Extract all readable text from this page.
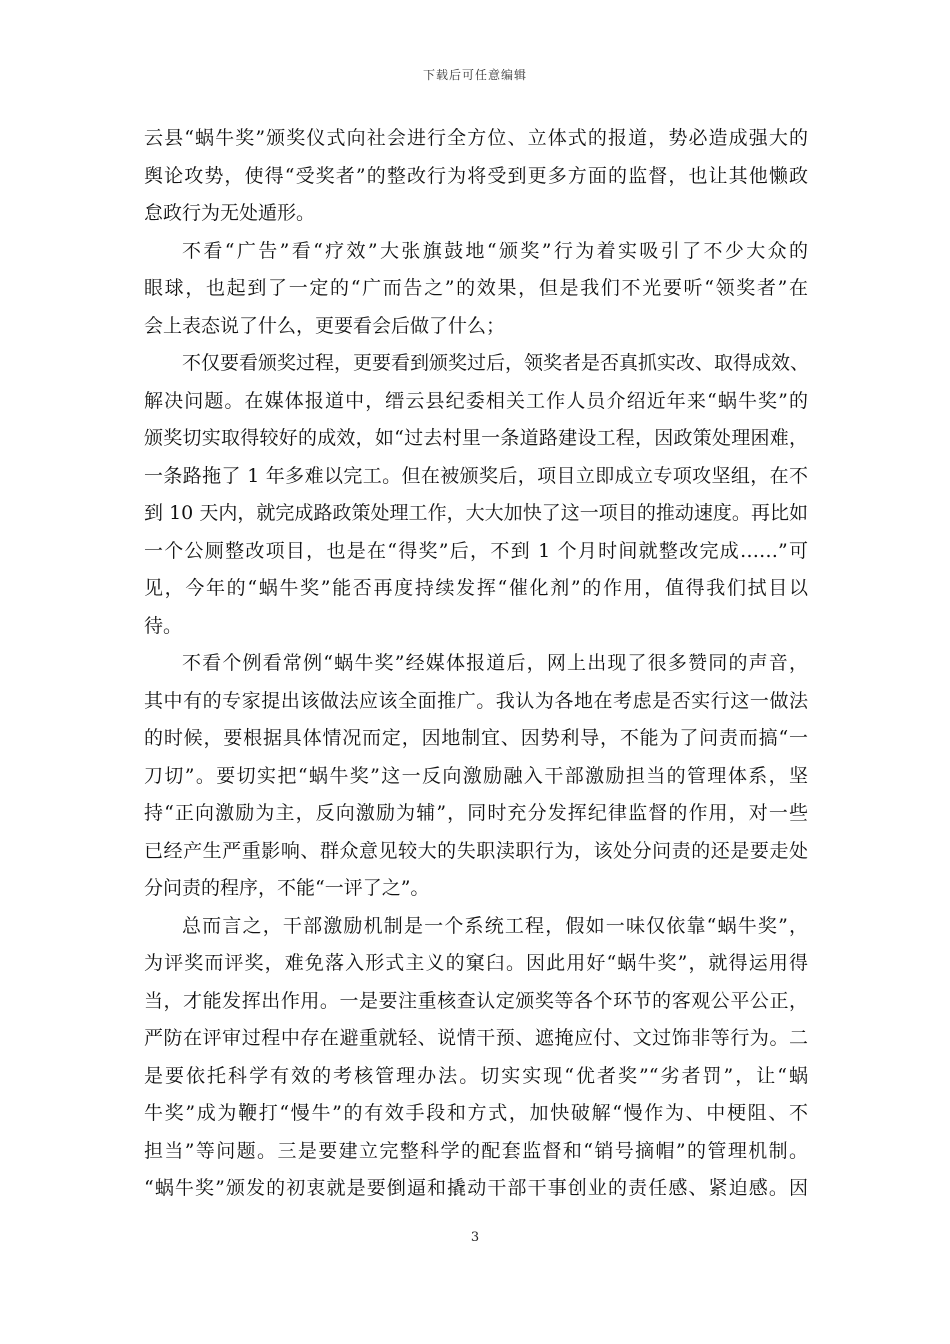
下载后可任意编辑
云县“蜗牛奖”颁奖仪式向社会进行全方位、立体式的报道，势必造成强大的
舆论攻势，使得“受奖者”的整改行为将受到更多方面的监督，也让其他懒政
怠政行为无处遁形。
不看“广告”看“疗效”大张旗鼓地“颁奖”行为着实吸引了不少大众的
眼球，也起到了一定的“广而告之”的效果，但是我们不光要听“领奖者”在
会上表态说了什么，更要看会后做了什么；
不仅要看颁奖过程，更要看到颁奖过后，领奖者是否真抓实改、取得成效、
解决问题。在媒体报道中，缙云县纪委相关工作人员介绍近年来“蜗牛奖”的
颁奖切实取得较好的成效，如“过去村里一条道路建设工程，因政策处理困难，
一条路拖了 1 年多难以完工。但在被颁奖后，项目立即成立专项攻坚组，在不
到 10 天内，就完成路政策处理工作，大大加快了这一项目的推动速度。再比如
一个公厕整改项目，也是在“得奖”后，不到 1 个月时间就整改完成……”可
见，今年的“蜗牛奖”能否再度持续发挥“催化剂”的作用，值得我们拭目以
待。
不看个例看常例“蜗牛奖”经媒体报道后，网上出现了很多赞同的声音，
其中有的专家提出该做法应该全面推广。我认为各地在考虑是否实行这一做法
的时候，要根据具体情况而定，因地制宜、因势利导，不能为了问责而搞“一
刀切”。要切实把“蜗牛奖”这一反向激励融入干部激励担当的管理体系，坚
持“正向激励为主，反向激励为辅”，同时充分发挥纪律监督的作用，对一些
已经产生严重影响、群众意见较大的失职渎职行为，该处分问责的还是要走处
分问责的程序，不能“一评了之”。
总而言之，干部激励机制是一个系统工程，假如一味仅依靠“蜗牛奖”，
为评奖而评奖，难免落入形式主义的窠臼。因此用好“蜗牛奖”，就得运用得
当，才能发挥出作用。一是要注重核查认定颁奖等各个环节的客观公平公正，
严防在评审过程中存在避重就轻、说情干预、遮掩应付、文过饰非等行为。二
是要依托科学有效的考核管理办法。切实实现“优者奖”“劣者罚”，让“蜗
牛奖”成为鞭打“慢牛”的有效手段和方式，加快破解“慢作为、中梗阻、不
担当”等问题。三是要建立完整科学的配套监督和“销号摘帽”的管理机制。
“蜗牛奖”颁发的初衷就是要倒逼和撬动干部干事创业的责任感、紧迫感。因
3
